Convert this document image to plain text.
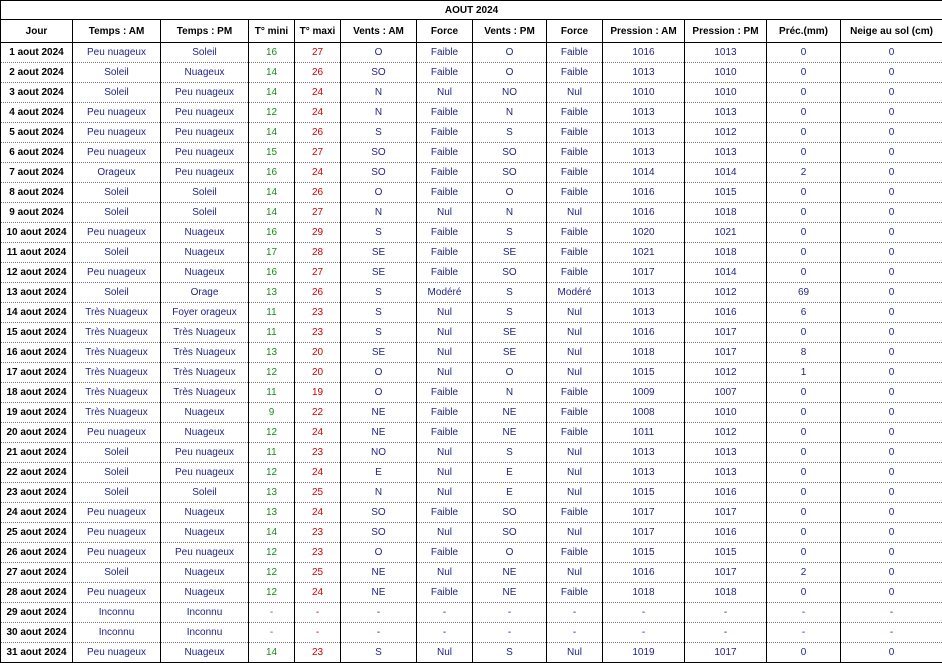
AOUT 2024												
Jour	Temps : AM	Temps : PM	T° mini	T° maxi	Vents : AM	Force	Vents : PM	Force	Pression : AM	Pression : PM	Préc.(mm)	Neige au sol (cm)
1 aout 2024	Peu nuageux	Soleil	16	27	O	Faible	O	Faible	1016	1013	0	0
2 aout 2024	Soleil	Nuageux	14	26	SO	Faible	O	Faible	1013	1010	0	0
3 aout 2024	Soleil	Peu nuageux	14	24	N	Nul	NO	Nul	1010	1010	0	0
4 aout 2024	Peu nuageux	Peu nuageux	12	24	N	Faible	N	Faible	1013	1013	0	0
5 aout 2024	Peu nuageux	Peu nuageux	14	26	S	Faible	S	Faible	1013	1012	0	0
6 aout 2024	Peu nuageux	Peu nuageux	15	27	SO	Faible	SO	Faible	1013	1013	0	0
7 aout 2024	Orageux	Peu nuageux	16	24	SO	Faible	SO	Faible	1014	1014	2	0
8 aout 2024	Soleil	Soleil	14	26	O	Faible	O	Faible	1016	1015	0	0
9 aout 2024	Soleil	Soleil	14	27	N	Nul	N	Nul	1016	1018	0	0
10 aout 2024	Peu nuageux	Nuageux	16	29	S	Faible	S	Faible	1020	1021	0	0
11 aout 2024	Soleil	Nuageux	17	28	SE	Faible	SE	Faible	1021	1018	0	0
12 aout 2024	Peu nuageux	Nuageux	16	27	SE	Faible	SO	Faible	1017	1014	0	0
13 aout 2024	Soleil	Orage	13	26	S	Modéré	S	Modéré	1013	1012	69	0
14 aout 2024	Très Nuageux	Foyer orageux	11	23	S	Nul	S	Nul	1013	1016	6	0
15 aout 2024	Très Nuageux	Très Nuageux	11	23	S	Nul	SE	Nul	1016	1017	0	0
16 aout 2024	Très Nuageux	Très Nuageux	13	20	SE	Nul	SE	Nul	1018	1017	8	0
17 aout 2024	Très Nuageux	Très Nuageux	12	20	O	Nul	O	Nul	1015	1012	1	0
18 aout 2024	Très Nuageux	Très Nuageux	11	19	O	Faible	N	Faible	1009	1007	0	0
19 aout 2024	Très Nuageux	Nuageux	9	22	NE	Faible	NE	Faible	1008	1010	0	0
20 aout 2024	Peu nuageux	Nuageux	12	24	NE	Faible	NE	Faible	1011	1012	0	0
21 aout 2024	Soleil	Peu nuageux	11	23	NO	Nul	S	Nul	1013	1013	0	0
22 aout 2024	Soleil	Peu nuageux	12	24	E	Nul	E	Nul	1013	1013	0	0
23 aout 2024	Soleil	Soleil	13	25	N	Nul	E	Nul	1015	1016	0	0
24 aout 2024	Peu nuageux	Nuageux	13	24	SO	Faible	SO	Faible	1017	1017	0	0
25 aout 2024	Peu nuageux	Nuageux	14	23	SO	Nul	SO	Nul	1017	1016	0	0
26 aout 2024	Peu nuageux	Peu nuageux	12	23	O	Faible	O	Faible	1015	1015	0	0
27 aout 2024	Soleil	Nuageux	12	25	NE	Nul	NE	Nul	1016	1017	2	0
28 aout 2024	Peu nuageux	Nuageux	12	24	NE	Faible	NE	Faible	1018	1018	0	0
29 aout 2024	Inconnu	Inconnu	-	-	-	-	-	-	-	-	-	-
30 aout 2024	Inconnu	Inconnu	-	-	-	-	-	-	-	-	-	-
31 aout 2024	Peu nuageux	Nuageux	14	23	S	Nul	S	Nul	1019	1017	0	0
